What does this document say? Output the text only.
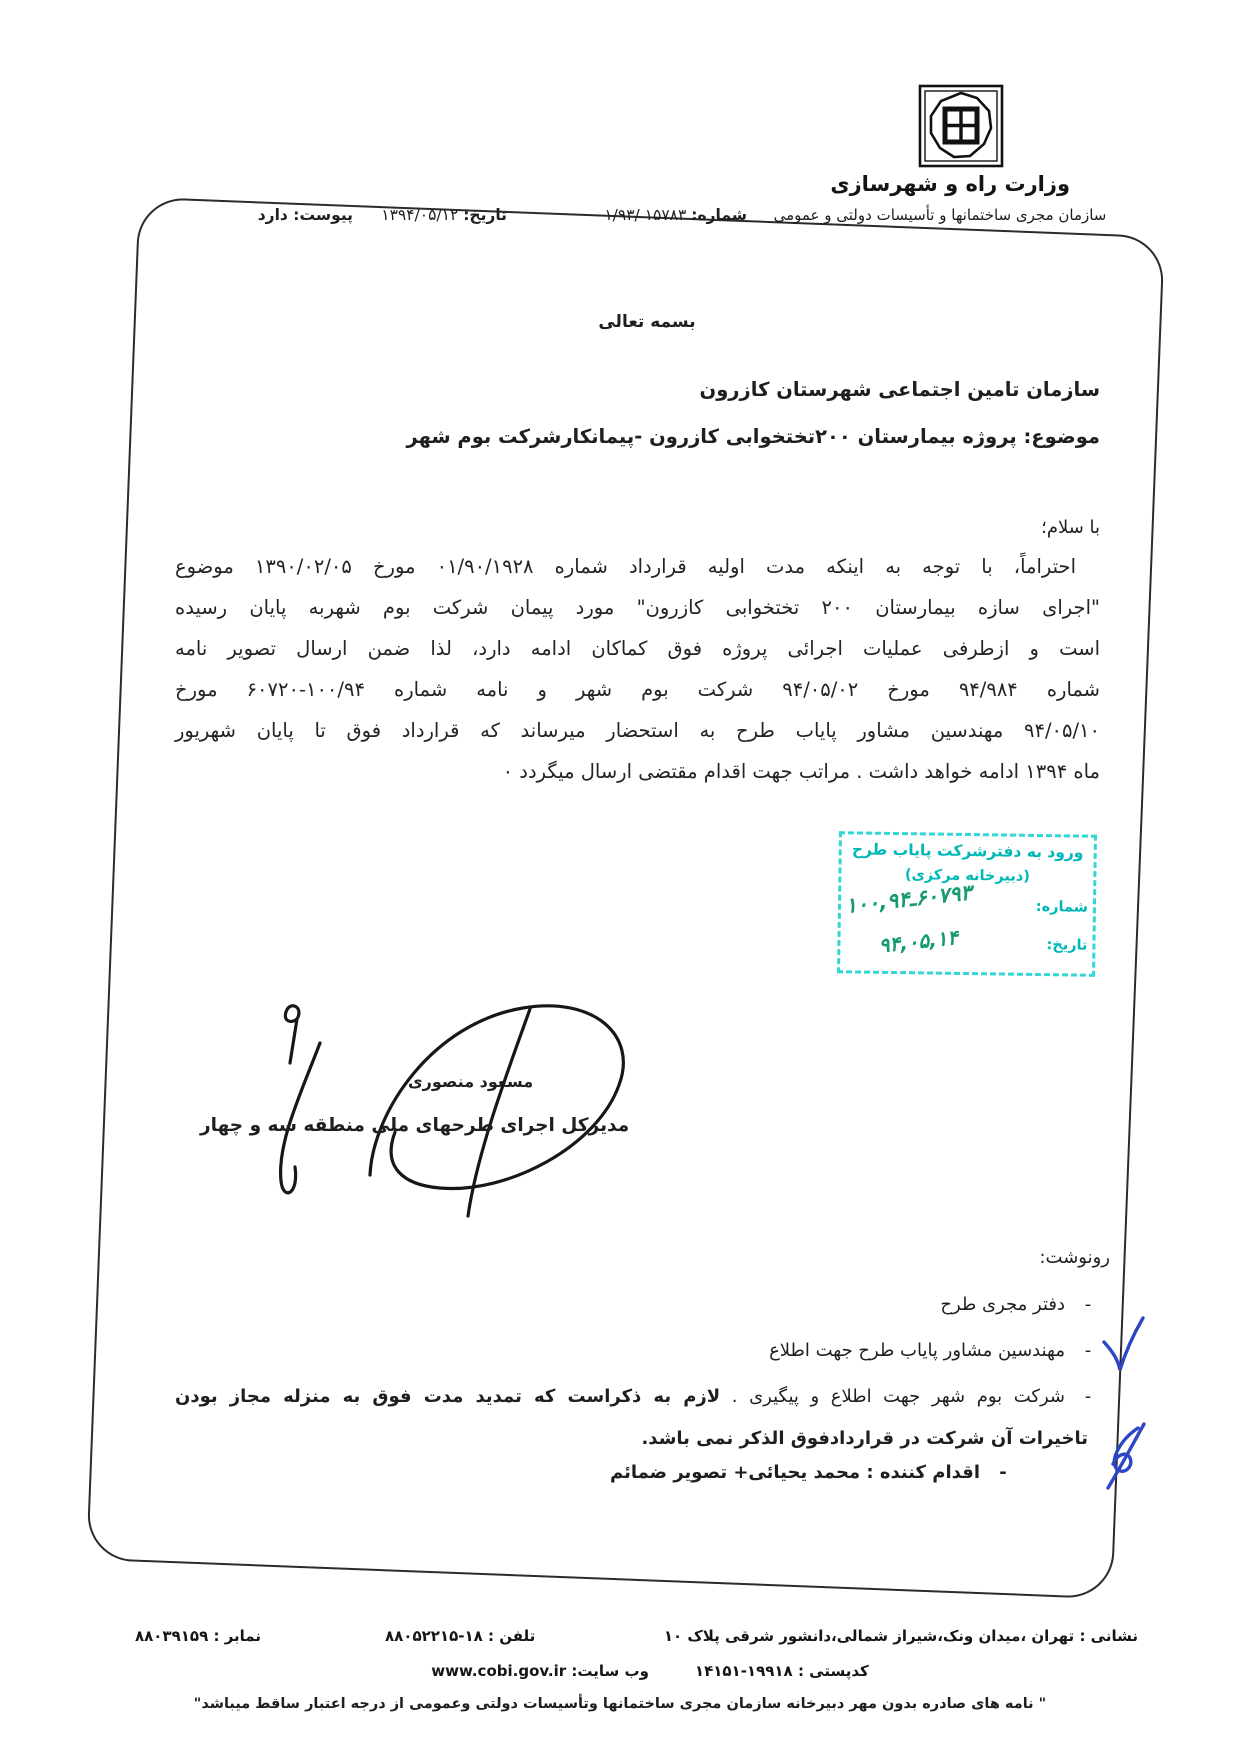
وزارت راه و شهرسازی
سازمان مجری ساختمانها و تأسیسات دولتی و عمومی
شماره: ۰۱/۹۳/ ۱۵۷۸۳
تاریخ: ۱۳۹۴/۰۵/۱۲
پیوست: دارد
بسمه تعالی
سازمان تامین اجتماعی شهرستان کازرون
موضوع: پروژه بیمارستان ۲۰۰تختخوابی کازرون -پیمانکارشرکت بوم شهر
با سلام؛
احتراماً، با توجه به اینکه مدت اولیه قرارداد شماره ۰۱/۹۰/۱۹۲۸ مورخ ۱۳۹۰/۰۲/۰۵ موضوع
"اجرای سازه بیمارستان ۲۰۰ تختخوابی کازرون" مورد پیمان شرکت بوم شهربه پایان رسیده
است و ازطرفی عملیات اجرائی پروژه فوق کماکان ادامه دارد، لذا ضمن ارسال تصویر نامه
شماره ۹۴/۹۸۴ مورخ ۹۴/۰۵/۰۲ شرکت بوم شهر و نامه شماره ۱۰۰/۹۴-۶۰۷۲۰ مورخ
۹۴/۰۵/۱۰ مهندسین مشاور پایاب طرح به استحضار میرساند که قرارداد فوق تا پایان شهریور
ماه ۱۳۹۴ ادامه خواهد داشت . مراتب جهت اقدام مقتضی ارسال میگردد ۰
ورود به دفترشرکت پایاب طرح
(دبیرخانه مرکزی)
شماره:
تاریخ:
۱۰۰,۹۴ـ۶۰۷۹۳
۹۴,۰۵,۱۴
مسعود منصوری
مدیرکل اجرای طرحهای ملی منطقه سه و چهار
رونوشت:
-
دفتر مجری طرح
-
مهندسین مشاور پایاب طرح جهت اطلاع
-
شرکت بوم شهر جهت اطلاع و پیگیری . لازم به ذکراست که تمدید مدت فوق به منزله مجاز بودن
تاخیرات آن شرکت در قراردادفوق الذکر نمی باشد.
-
اقدام کننده : محمد یحیائی+ تصویر ضمائم
نشانی : تهران ،میدان ونک،شیراز شمالی،دانشور شرقی پلاک ۱۰
تلفن : ۸۸۰۵۲۲۱۵-۱۸
نمابر : ۸۸۰۳۹۱۵۹
کدپستی : ۱۴۱۵۱-۱۹۹۱۸
وب سایت: www.cobi.gov.ir
" نامه های صادره بدون مهر دبیرخانه سازمان مجری ساختمانها وتأسیسات دولتی وعمومی از درجه اعتبار ساقط میباشد"
